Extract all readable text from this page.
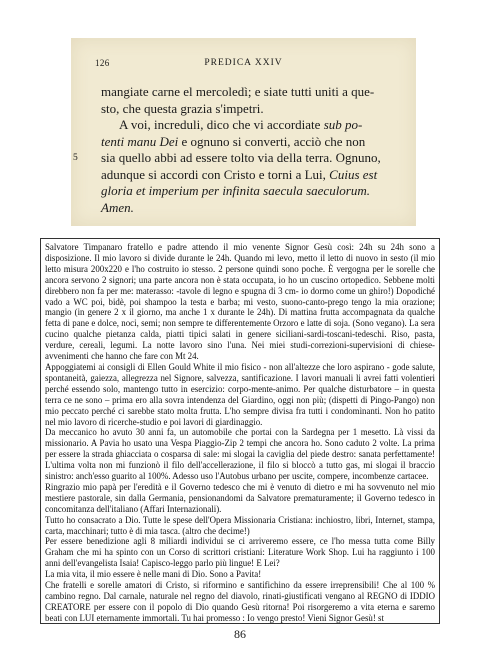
126	PREDICA XXIV
mangiate carne el mercoledì; e siate tutti uniti a que-
sto, che questa grazia s'impetri.
A voi, increduli, dico che vi accordiate sub po-
tenti manu Dei e ognuno si converti, acciò che non
5 sia quello abbi ad essere tolto via della terra. Ognuno,
adunque si accordi con Cristo e torni a Lui, Cuius est
gloria et imperium per infinita saecula saeculorum.
Amen.

Salvatore Timpanaro fratello e padre attendo il mio venente Signor Gesù così: 24h su 24h sono a disposizione. Il mio lavoro si divide durante le 24h. Quando mi levo, metto il letto di nuovo in sesto (il mio letto misura 200x220 e l'ho costruito io stesso. 2 persone quindi sono poche. È vergogna per le sorelle che ancora servono 2 signori; una parte ancora non è stata occupata, io ho un cuscino ortopedico. Sebbene molti direbbero non fa per me: materasso: -tavole di legno e spugna di 3 cm- io dormo come un ghiro!) Dopodiché vado a WC poi, bidè, poi shampoo la testa e barba; mi vesto, suono-canto-prego tengo la mia orazione; mangio (in genere 2 x il giorno, ma anche 1 x durante le 24h). Di mattina frutta accompagnata da qualche fetta di pane e dolce, noci, semi; non sempre te differentemente Orzoro e latte di soja. (Sono vegano). La sera cucino qualche pietanza calda, piatti tipici salati in genere siciliani-sardi-toscani-tedeschi. Riso, pasta, verdure, cereali, legumi. La notte lavoro sino l'una. Nei miei studi-correzioni-supervisioni di chiese-avvenimenti che hanno che fare con Mt 24.

Appoggiatemi ai consigli di Ellen Gould White il mio fisico - non all'altezze che loro aspirano - gode salute, spontaneità, gaiezza, allegrezza nel Signore, salvezza, santificazione. I lavori manuali li avrei fatti volentieri perché essendo solo, mantengo tutto in esercizio: corpo-mente-animo. Per qualche disturbatore – in questa terra ce ne sono – prima ero alla sovra intendenza del Giardino, oggi non più; (dispetti di Pingo-Pango) non mio peccato perché ci sarebbe stato molta frutta. L'ho sempre divisa fra tutti i condomìnanti. Non ho patito nel mio lavoro di ricerche-studio e poi lavori di giardinaggio.

Da meccanico ho avuto 30 anni fa, un automobile che portai con la Sardegna per 1 mesetto. Là vissi da missionario. A Pavia ho usato una Vespa Piaggio-Zip 2 tempi che ancora ho. Sono caduto 2 volte. La prima per essere la strada ghiacciata o cosparsa di sale: mi slogai la caviglia del piede destro: sanata perfettamente! L'ultima volta non mi funzionò il filo dell'accellerazione, il filo si bloccò a tutto gas, mi slogai il braccio sinistro: anch'esso guarito al 100%. Adesso uso l'Autobus urbano per uscite, compere, incombenze cartacee.

Ringrazio mio papà per l'eredità e il Governo tedesco che mi è venuto di dietro e mi ha sovvenuto nel mio mestiere pastorale, sin dalla Germania, pensionandomi da Salvatore prematuramente; il Governo tedesco in concomitanza dell'italiano (Affari Internazionali).

Tutto ho consacrato a Dio. Tutte le spese dell'Opera Missionaria Cristiana: inchiostro, libri, Internet, stampa, carta, macchinari; tutto è di mia tasca. (altro che decime!)

Per essere benedizione agli 8 miliardi individui se ci arriveremo essere, ce l'ho messa tutta come Billy Graham che mi ha spinto con un Corso di scrittori cristiani: Literature Work Shop. Lui ha raggiunto i 100 anni dell'evangelista Isaia! Capisco-leggo parlo più lingue! E Lei?

La mia vita, il mio essere è nelle mani di Dio. Sono a Pavita!

Che fratelli e sorelle amatori di Cristo, si riformino e santifichino da essere irreprensibili! Che al 100 % cambino regno. Dal carnale, naturale nel regno del diavolo, rinati-giustificati vengano al REGNO di IDDIO CREATORE per essere con il popolo di Dio quando Gesù ritorna! Poi risorgeremo a vita eterna e saremo beati con LUI eternamente immortali. Tu hai promesso : Io vengo presto! Vieni Signor Gesù! st

86
